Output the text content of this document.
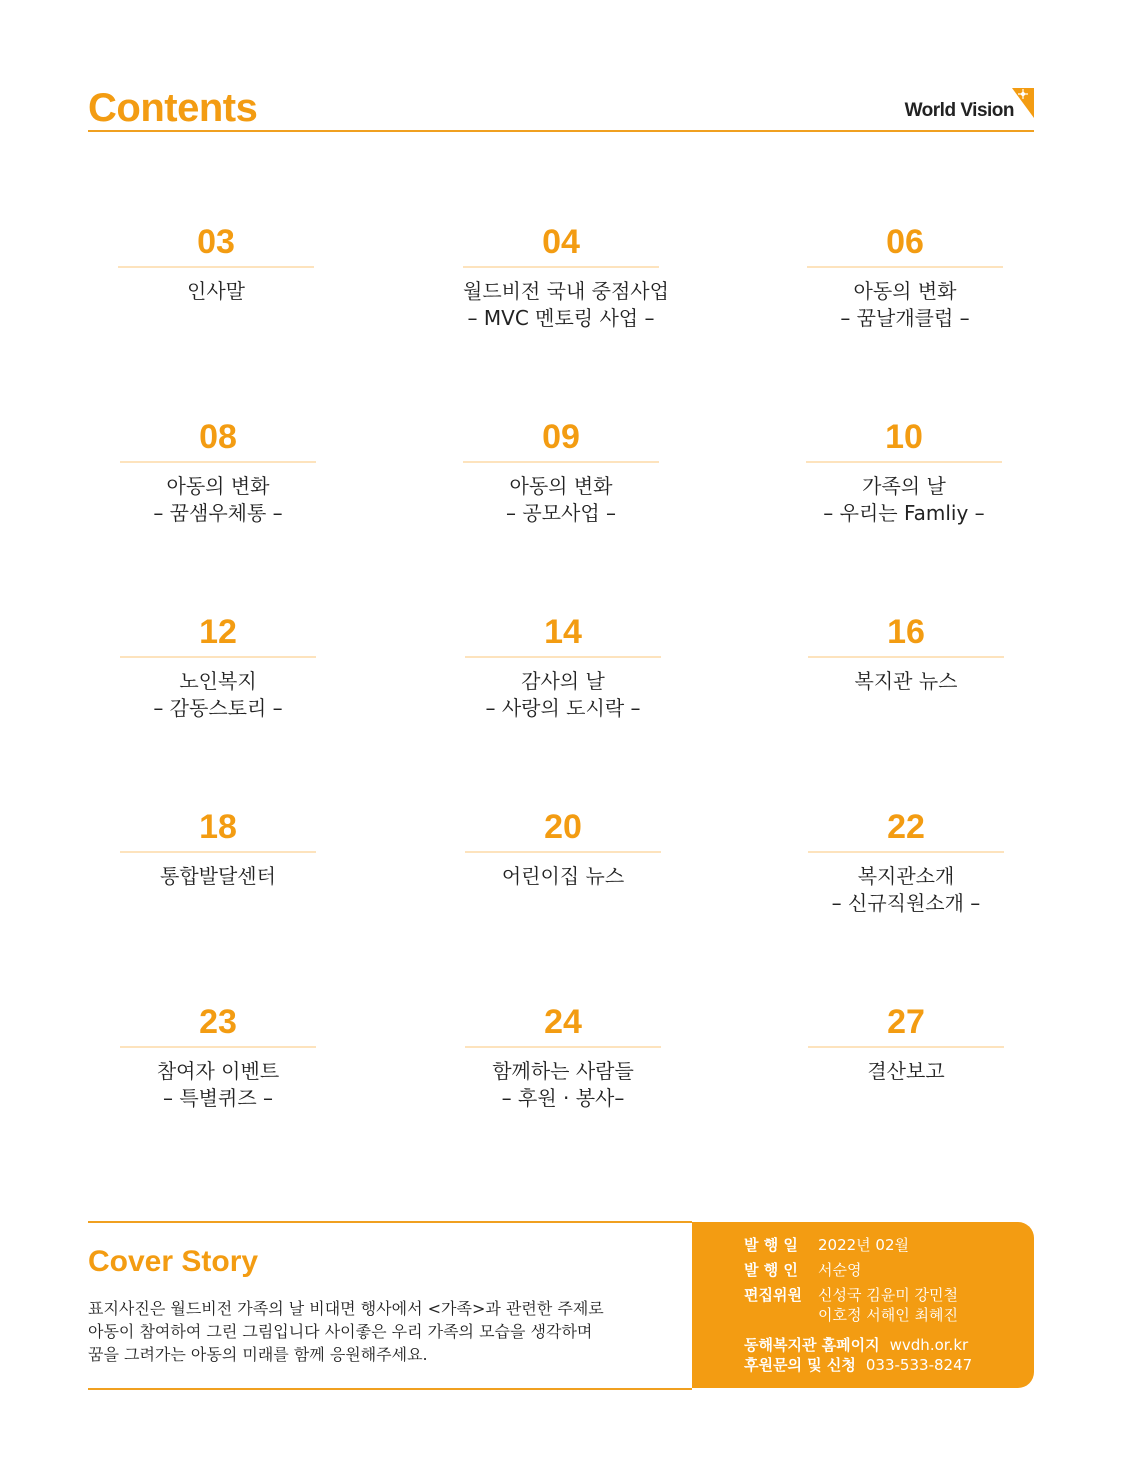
Contents	World Vision
03
인사말
04
월드비전 국내 중점사업
– MVC 멘토링 사업 –
06
아동의 변화
– 꿈날개클럽 –
08
아동의 변화
– 꿈샘우체통 –
09
아동의 변화
– 공모사업 –
10
가족의 날
– 우리는 Famliy –
12
노인복지
– 감동스토리 –
14
감사의 날
– 사랑의 도시락 –
16
복지관 뉴스
18
통합발달센터
20
어린이집 뉴스
22
복지관소개
– 신규직원소개 –
23
참여자 이벤트
– 특별퀴즈 –
24
함께하는 사람들
– 후원 · 봉사–
27
결산보고
Cover Story
표지사진은 월드비전 가족의 날 비대면 행사에서 <가족>과 관련한 주제로
아동이 참여하여 그린 그림입니다 사이좋은 우리 가족의 모습을 생각하며
꿈을 그려가는 아동의 미래를 함께 응원해주세요.
발 행 일 2022년 02월
발 행 인 서순영
편집위원 신성국 김윤미 강민철
이호정 서해인 최혜진
동해복지관 홈페이지 wvdh.or.kr
후원문의 및 신청 033-533-8247
